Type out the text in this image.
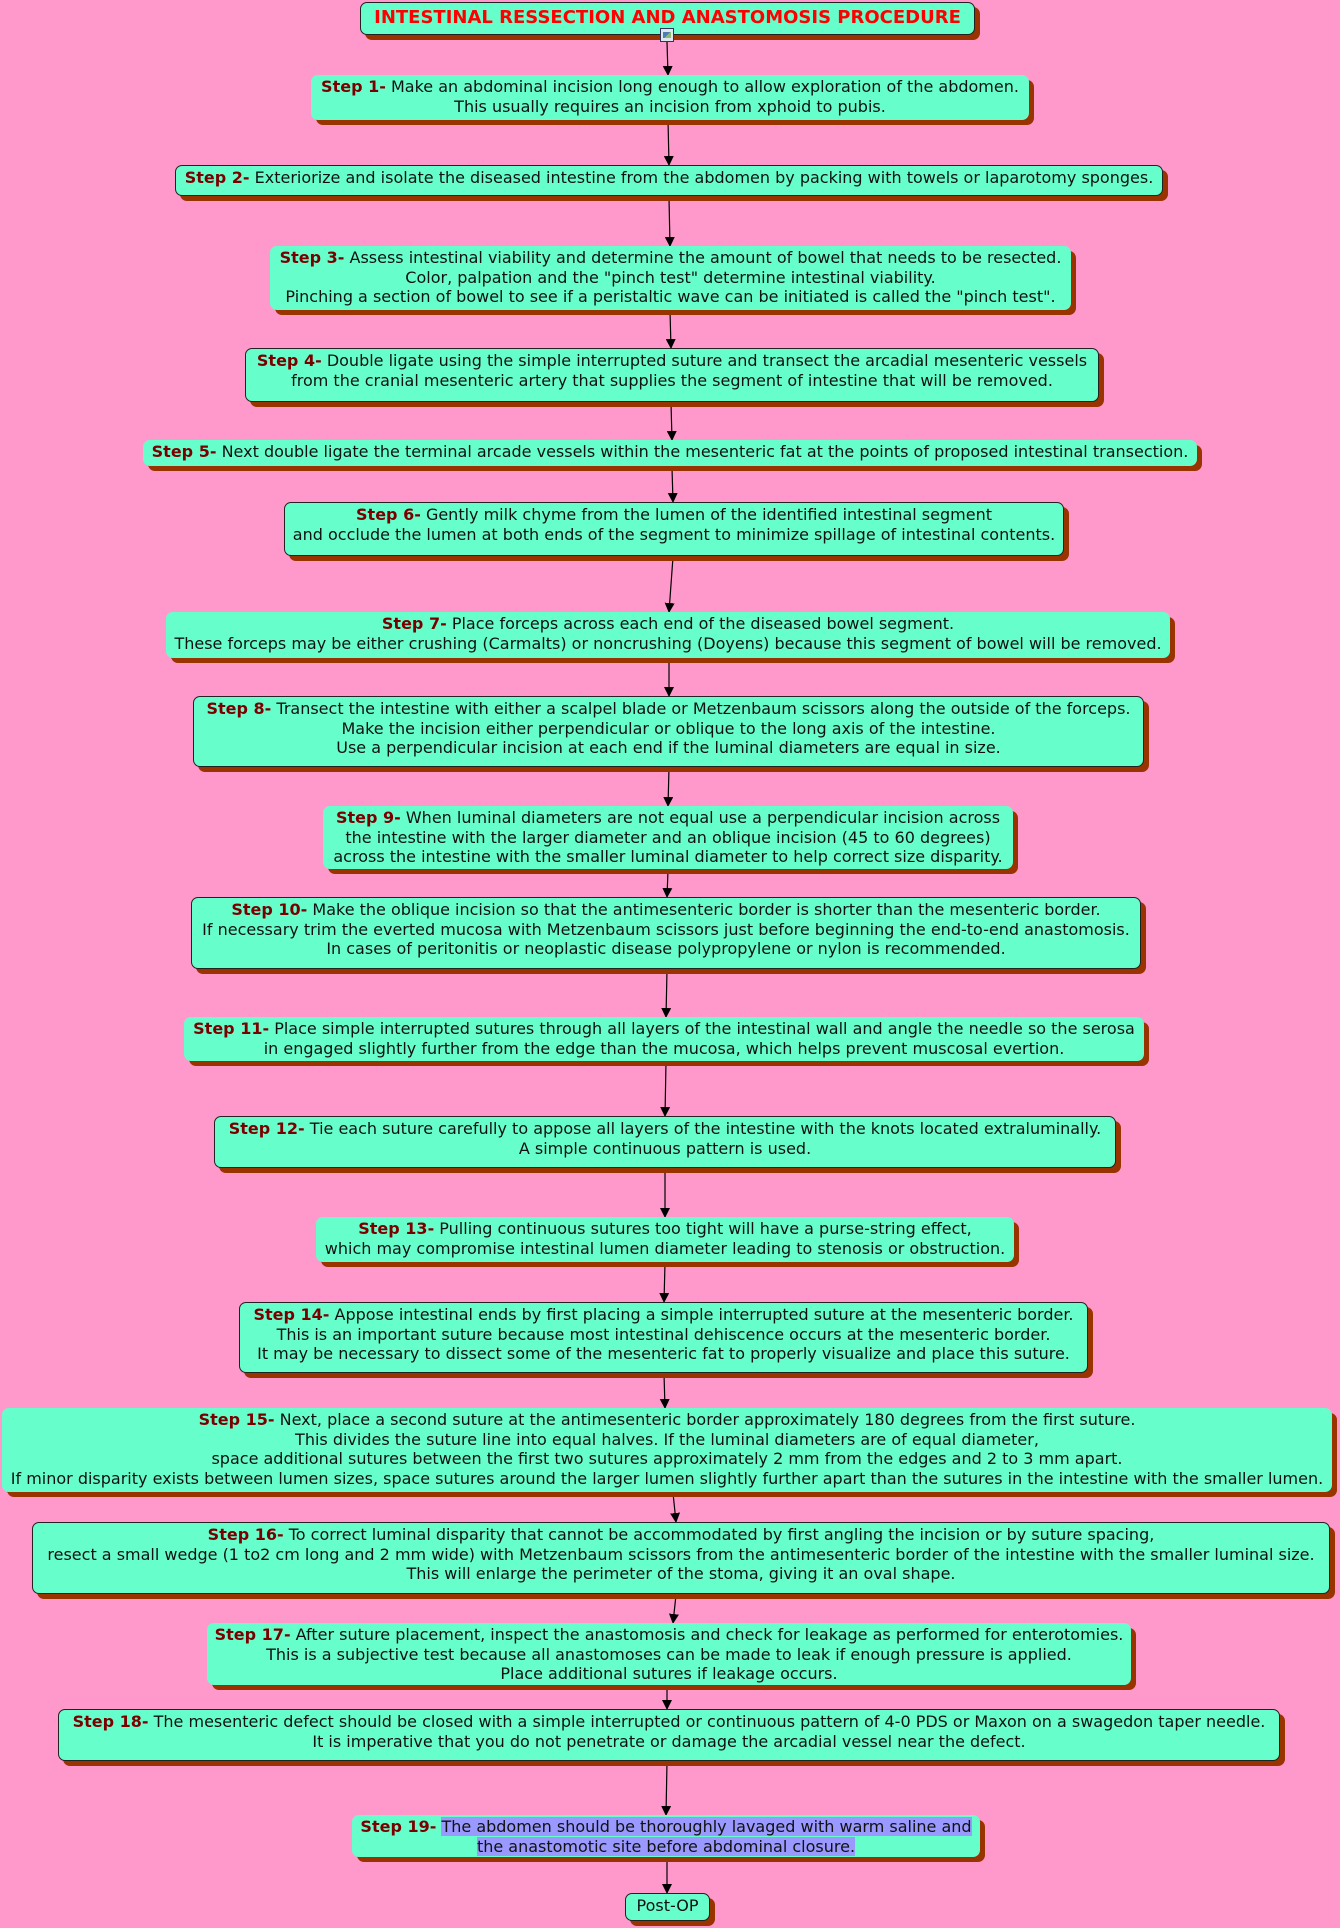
INTESTINAL RESSECTION AND ANASTOMOSIS PROCEDURE
Step 1- Make an abdominal incision long enough to allow exploration of the abdomen.
This usually requires an incision from xphoid to pubis.
Step 2- Exteriorize and isolate the diseased intestine from the abdomen by packing with towels or laparotomy sponges.
Step 3- Assess intestinal viability and determine the amount of bowel that needs to be resected.
Color, palpation and the "pinch test" determine intestinal viability.
Pinching a section of bowel to see if a peristaltic wave can be initiated is called the "pinch test".
Step 4- Double ligate using the simple interrupted suture and transect the arcadial mesenteric vessels
from the cranial mesenteric artery that supplies the segment of intestine that will be removed.
Step 5- Next double ligate the terminal arcade vessels within the mesenteric fat at the points of proposed intestinal transection.
Step 6- Gently milk chyme from the lumen of the identified intestinal segment
and occlude the lumen at both ends of the segment to minimize spillage of intestinal contents.
Step 7- Place forceps across each end of the diseased bowel segment.
These forceps may be either crushing (Carmalts) or noncrushing (Doyens) because this segment of bowel will be removed.
Step 8- Transect the intestine with either a scalpel blade or Metzenbaum scissors along the outside of the forceps.
Make the incision either perpendicular or oblique to the long axis of the intestine.
Use a perpendicular incision at each end if the luminal diameters are equal in size.
Step 9- When luminal diameters are not equal use a perpendicular incision across
the intestine with the larger diameter and an oblique incision (45 to 60 degrees)
across the intestine with the smaller luminal diameter to help correct size disparity.
Step 10- Make the oblique incision so that the antimesenteric border is shorter than the mesenteric border.
If necessary trim the everted mucosa with Metzenbaum scissors just before beginning the end-to-end anastomosis.
In cases of peritonitis or neoplastic disease polypropylene or nylon is recommended.
Step 11- Place simple interrupted sutures through all layers of the intestinal wall and angle the needle so the serosa
in engaged slightly further from the edge than the mucosa, which helps prevent muscosal evertion.
Step 12- Tie each suture carefully to appose all layers of the intestine with the knots located extraluminally.
A simple continuous pattern is used.
Step 13- Pulling continuous sutures too tight will have a purse-string effect,
which may compromise intestinal lumen diameter leading to stenosis or obstruction.
Step 14- Appose intestinal ends by first placing a simple interrupted suture at the mesenteric border.
This is an important suture because most intestinal dehiscence occurs at the mesenteric border.
It may be necessary to dissect some of the mesenteric fat to properly visualize and place this suture.
Step 15- Next, place a second suture at the antimesenteric border approximately 180 degrees from the first suture.
This divides the suture line into equal halves. If the luminal diameters are of equal diameter,
space additional sutures between the first two sutures approximately 2 mm from the edges and 2 to 3 mm apart.
If minor disparity exists between lumen sizes, space sutures around the larger lumen slightly further apart than the sutures in the intestine with the smaller lumen.
Step 16- To correct luminal disparity that cannot be accommodated by first angling the incision or by suture spacing,
resect a small wedge (1 to2 cm long and 2 mm wide) with Metzenbaum scissors from the antimesenteric border of the intestine with the smaller luminal size.
This will enlarge the perimeter of the stoma, giving it an oval shape.
Step 17- After suture placement, inspect the anastomosis and check for leakage as performed for enterotomies.
This is a subjective test because all anastomoses can be made to leak if enough pressure is applied.
Place additional sutures if leakage occurs.
Step 18- The mesenteric defect should be closed with a simple interrupted or continuous pattern of 4-0 PDS or Maxon on a swagedon taper needle.
It is imperative that you do not penetrate or damage the arcadial vessel near the defect.
Step 19- The abdomen should be thoroughly lavaged with warm saline and
the anastomotic site before abdominal closure.
Post-OP
